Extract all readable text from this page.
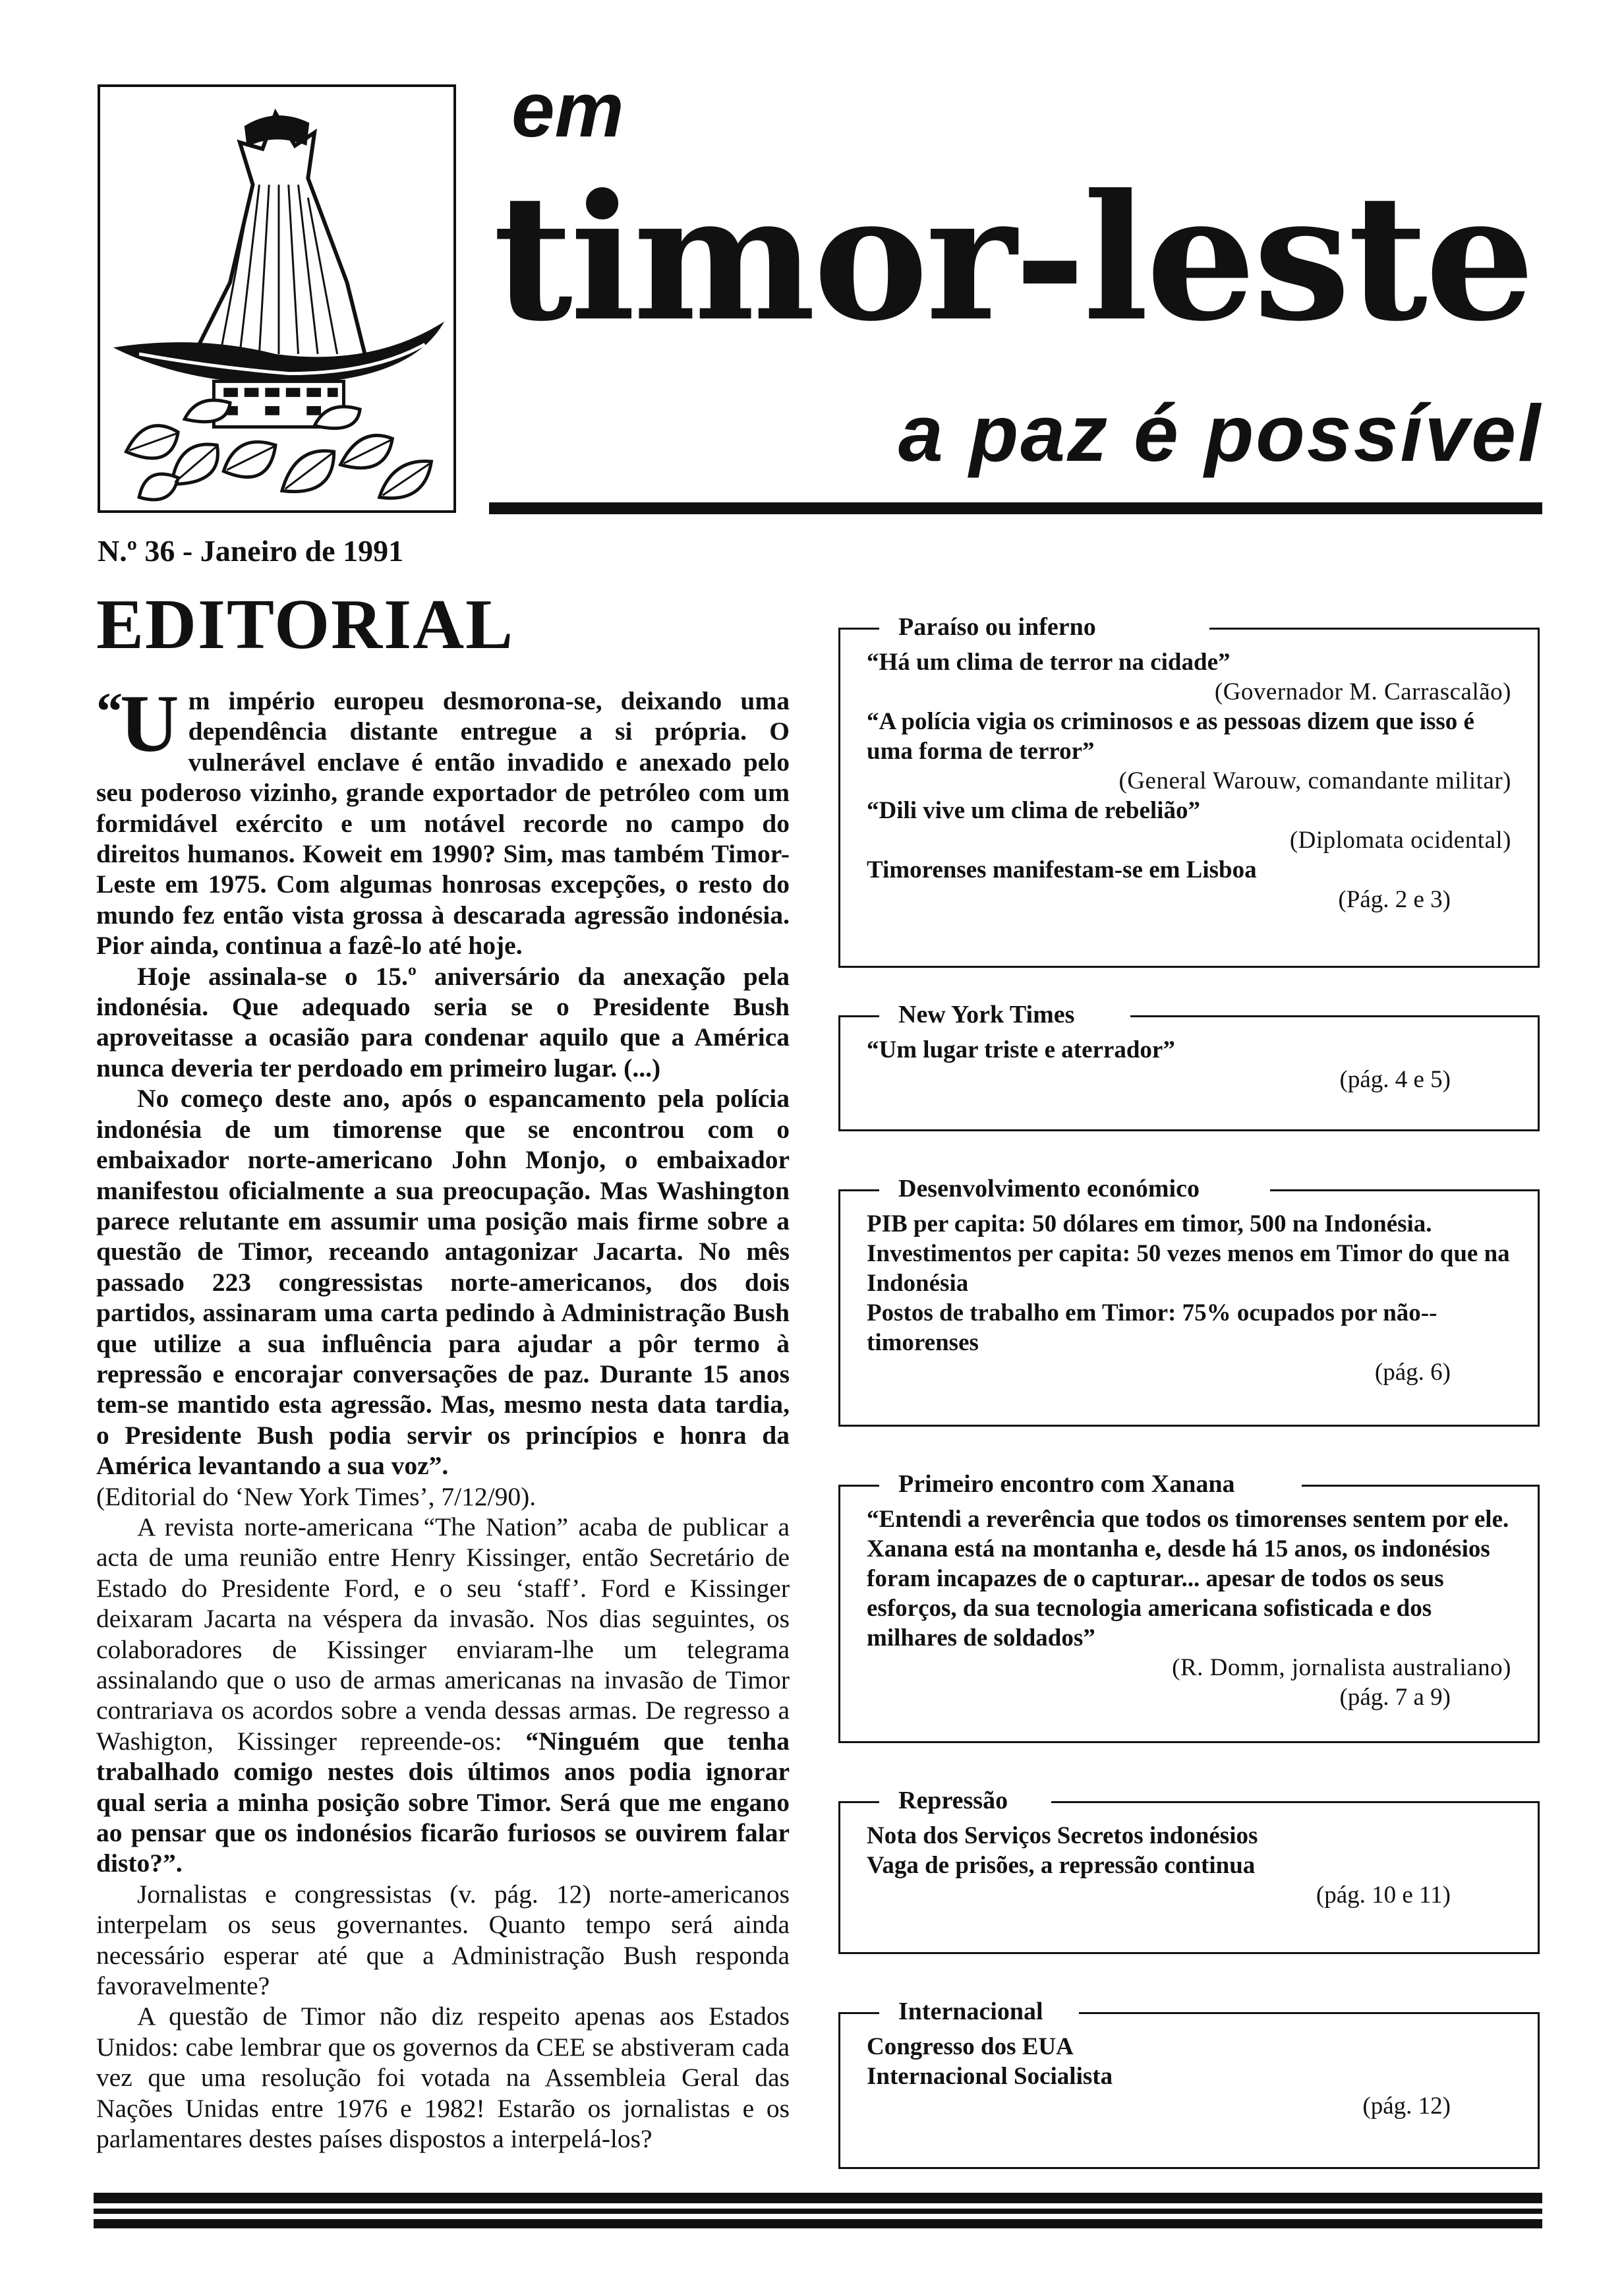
em
timor-leste
a paz é possível
N.º 36 - Janeiro de 1991
EDITORIAL

“U m império europeu desmorona-se, deixando uma dependência distante entregue a si própria. O vulnerável enclave é então invadido e anexado pelo seu poderoso vizinho, grande exportador de petróleo com um formidável exército e um notável recorde no campo do direitos humanos. Koweit em 1990? Sim, mas também Timor-Leste em 1975. Com algumas honrosas excepções, o resto do mundo fez então vista grossa à descarada agressão indonésia. Pior ainda, continua a fazê-lo até hoje.

Hoje assinala-se o 15.º aniversário da anexação pela indonésia. Que adequado seria se o Presidente Bush aproveitasse a ocasião para condenar aquilo que a América nunca deveria ter perdoado em primeiro lugar. (...)

No começo deste ano, após o espancamento pela polícia indonésia de um timorense que se encontrou com o embaixador norte-americano John Monjo, o embaixador manifestou oficialmente a sua preocupação. Mas Washington parece relutante em assumir uma posição mais firme sobre a questão de Timor, receando antagonizar Jacarta. No mês passado 223 congressistas norte-americanos, dos dois partidos, assinaram uma carta pedindo à Administração Bush que utilize a sua influência para ajudar a pôr termo à repressão e encorajar conversações de paz. Durante 15 anos tem-se mantido esta agressão. Mas, mesmo nesta data tardia, o Presidente Bush podia servir os princípios e honra da América levantando a sua voz”.

(Editorial do ‘New York Times’, 7/12/90).

A revista norte-americana “The Nation” acaba de publicar a acta de uma reunião entre Henry Kissinger, então Secretário de Estado do Presidente Ford, e o seu ‘staff’. Ford e Kissinger deixaram Jacarta na véspera da invasão. Nos dias seguintes, os colaboradores de Kissinger enviaram-lhe um telegrama assinalando que o uso de armas americanas na invasão de Timor contrariava os acordos sobre a venda dessas armas. De regresso a Washigton, Kissinger repreende-os: “Ninguém que tenha trabalhado comigo nestes dois últimos anos podia ignorar qual seria a minha posição sobre Timor. Será que me engano ao pensar que os indonésios ficarão furiosos se ouvirem falar disto?”.

Jornalistas e congressistas (v. pág. 12) norte-americanos interpelam os seus governantes. Quanto tempo será ainda necessário esperar até que a Administração Bush responda favoravelmente?

A questão de Timor não diz respeito apenas aos Estados Unidos: cabe lembrar que os governos da CEE se abstiveram cada vez que uma resolução foi votada na Assembleia Geral das Nações Unidas entre 1976 e 1982! Estarão os jornalistas e os parlamentares destes países dispostos a interpelá-los?

Paraíso ou inferno
“Há um clima de terror na cidade”
(Governador M. Carrascalão)
“A polícia vigia os criminosos e as pessoas dizem que isso é uma forma de terror”
(General Warouw, comandante militar)
“Dili vive um clima de rebelião”
(Diplomata ocidental)
Timorenses manifestam-se em Lisboa
(Pág. 2 e 3)
New York Times
“Um lugar triste e aterrador”
(pág. 4 e 5)
Desenvolvimento económico
PIB per capita: 50 dólares em timor, 500 na Indonésia.
Investimentos per capita: 50 vezes menos em Timor do que na Indonésia
Postos de trabalho em Timor: 75% ocupados por não--timorenses
(pág. 6)
Primeiro encontro com Xanana
“Entendi a reverência que todos os timorenses sentem por ele. Xanana está na montanha e, desde há 15 anos, os indonésios foram incapazes de o capturar... apesar de todos os seus esforços, da sua tecnologia americana sofisticada e dos milhares de soldados”
(R. Domm, jornalista australiano)
(pág. 7 a 9)
Repressão
Nota dos Serviços Secretos indonésios
Vaga de prisões, a repressão continua
(pág. 10 e 11)
Internacional
Congresso dos EUA
Internacional Socialista
(pág. 12)
